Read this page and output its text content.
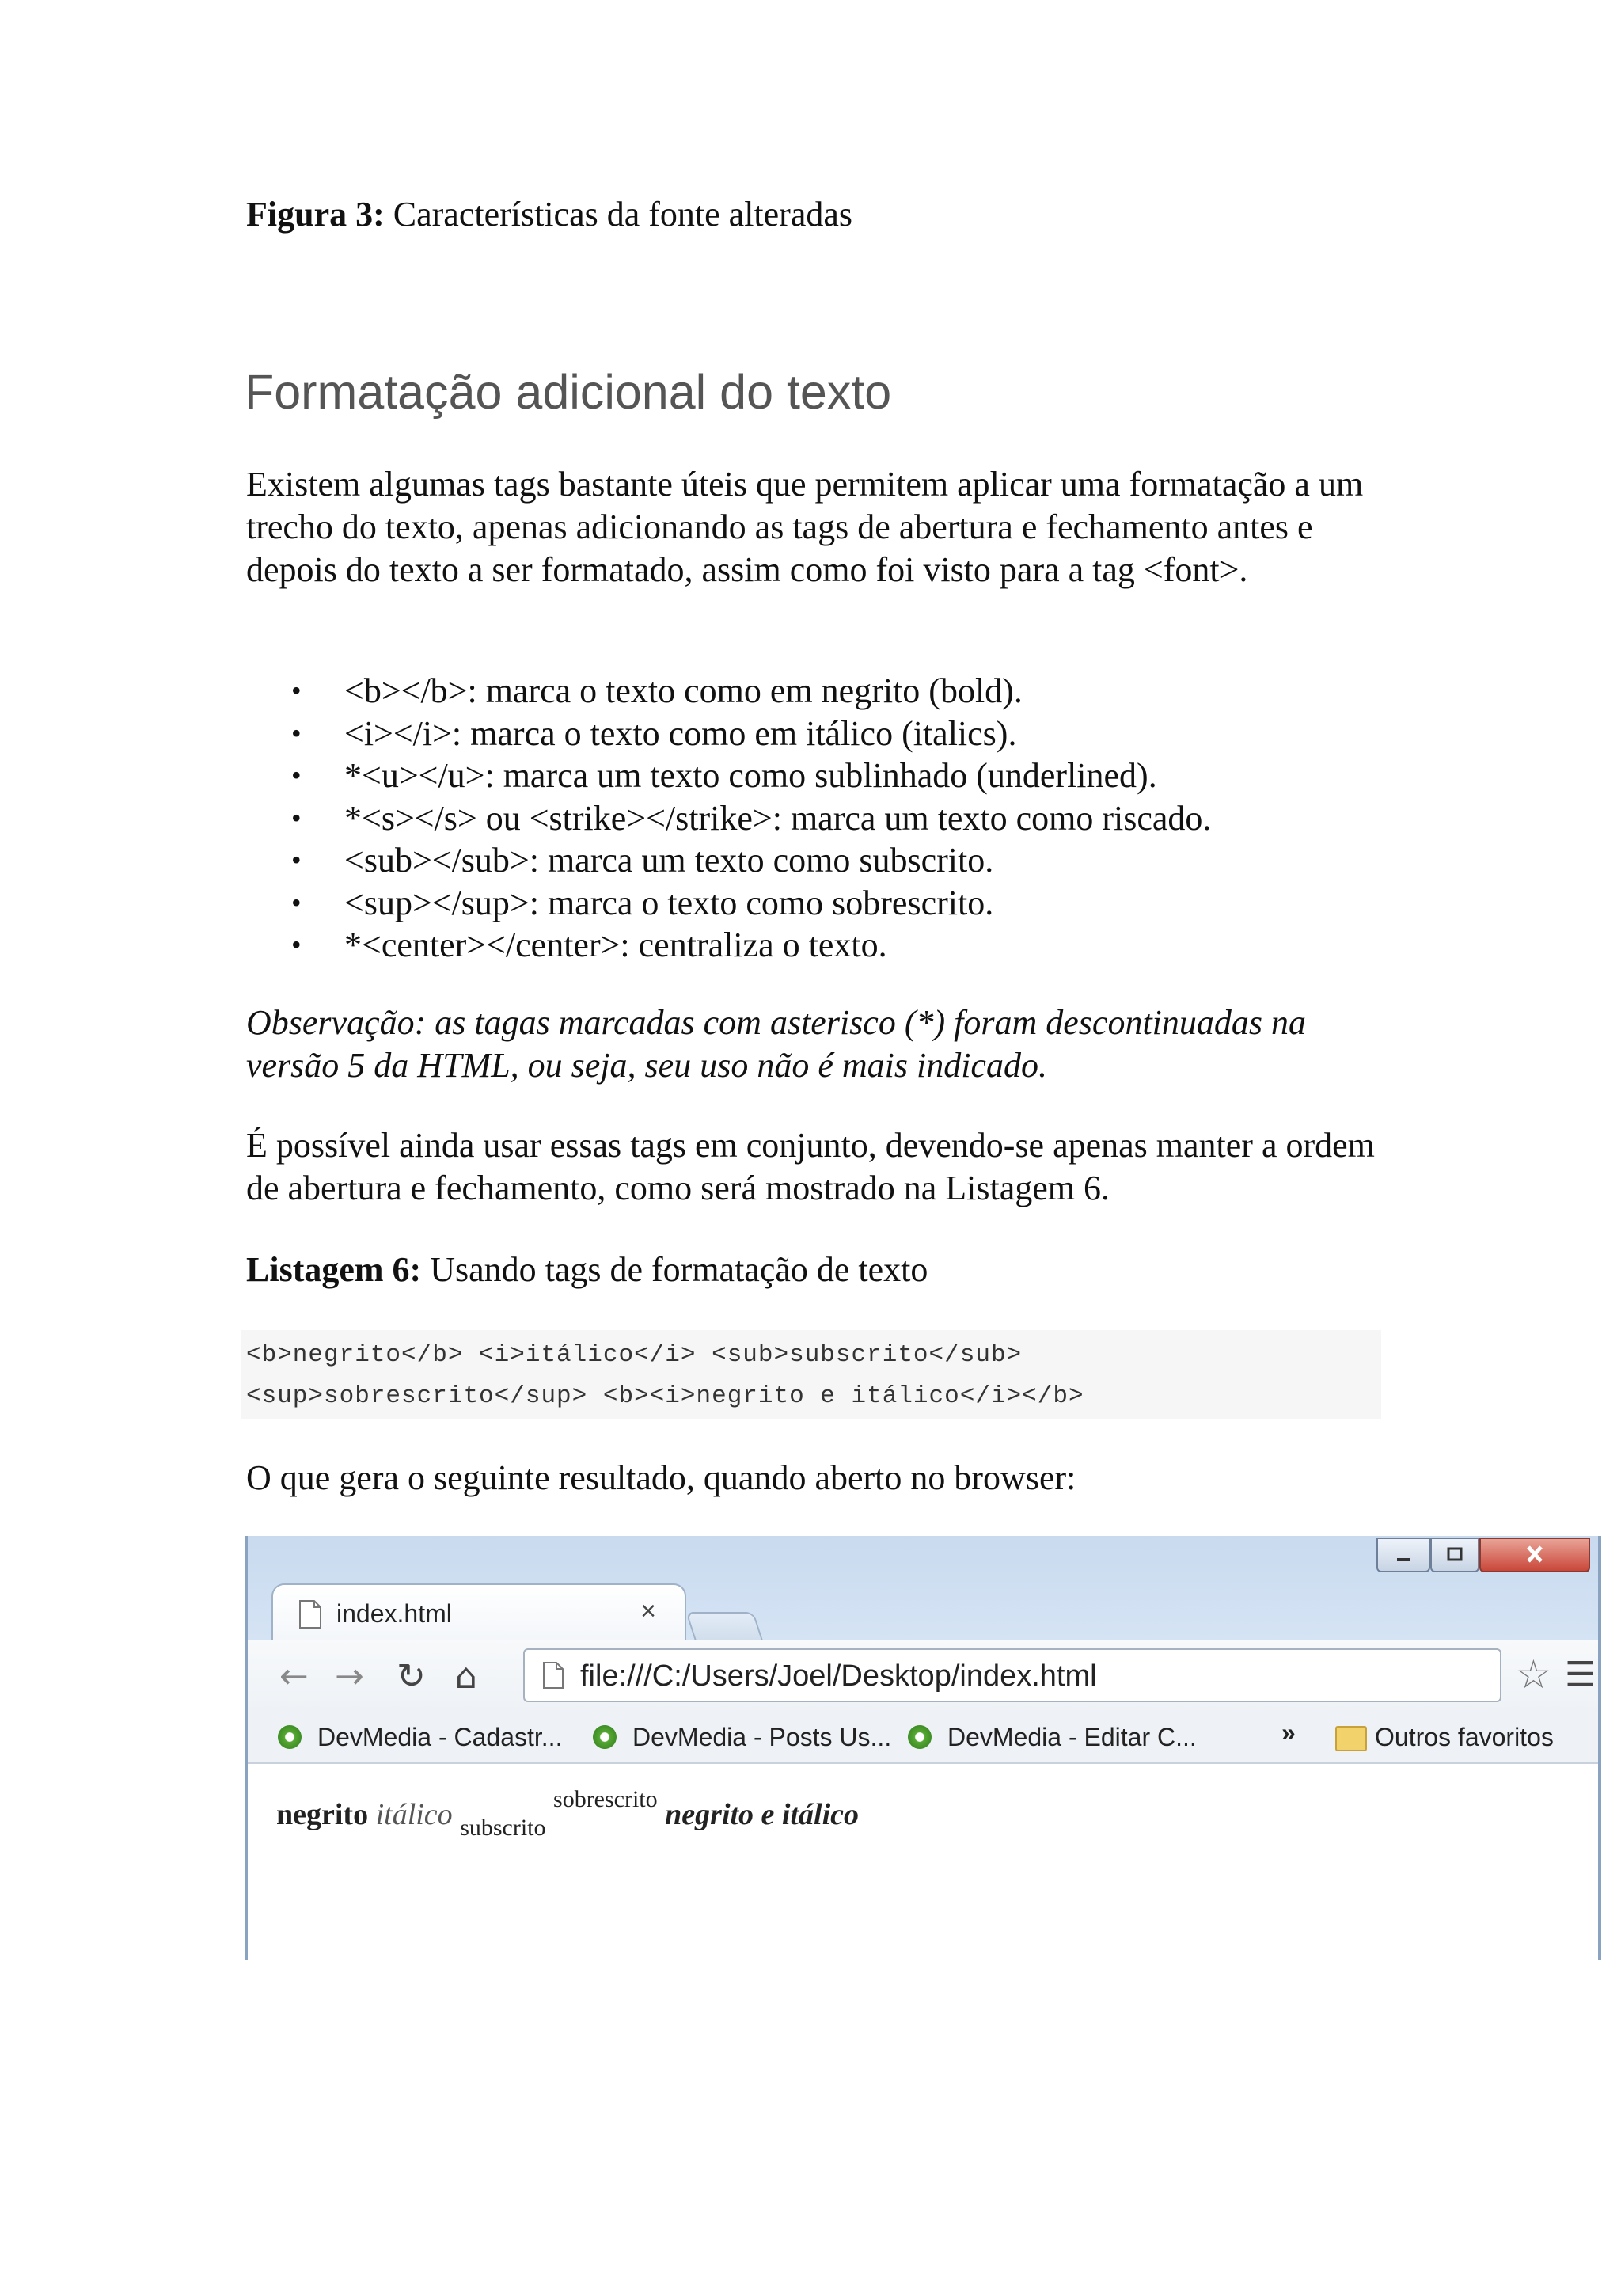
Figura 3: Características da fonte alteradas
Formatação adicional do texto
Existem algumas tags bastante úteis que permitem aplicar uma formatação a um trecho do texto, apenas adicionando as tags de abertura e fechamento antes e depois do texto a ser formatado, assim como foi visto para a tag <font>.
• <b></b>: marca o texto como em negrito (bold).
• <i></i>: marca o texto como em itálico (italics).
• *<u></u>: marca um texto como sublinhado (underlined).
• *<s></s> ou <strike></strike>: marca um texto como riscado.
• <sub></sub>: marca um texto como subscrito.
• <sup></sup>: marca o texto como sobrescrito.
• *<center></center>: centraliza o texto.
Observação: as tagas marcadas com asterisco (*) foram descontinuadas na versão 5 da HTML, ou seja, seu uso não é mais indicado.
É possível ainda usar essas tags em conjunto, devendo-se apenas manter a ordem de abertura e fechamento, como será mostrado na Listagem 6.
Listagem 6: Usando tags de formatação de texto
<b>negrito</b> <i>itálico</i> <sub>subscrito</sub>
<sup>sobrescrito</sup> <b><i>negrito e itálico</i></b>
O que gera o seguinte resultado, quando aberto no browser:
index.html	×
← → ↻ ⌂	file:///C:/Users/Joel/Desktop/index.html	☆ ☰
DevMedia - Cadastr...	DevMedia - Posts Us... DevMedia - Editar C...	»	Outros favoritos
negrito itálico $_{subscrito}$ $^{sobrescrito}$ negrito e itálico
